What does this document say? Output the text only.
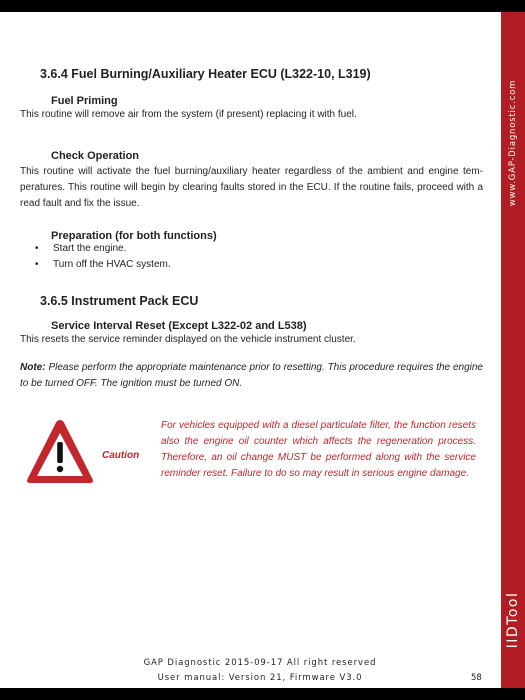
www.GAP-Diagnostic.com
IIDTool
3.6.4 Fuel Burning/Auxiliary Heater ECU (L322-10, L319)
Fuel Priming
This routine will remove air from the system (if present) replacing it with fuel.
Check Operation
This routine will activate the fuel burning/auxiliary heater regardless of the ambient and engine tem- peratures. This routine will begin by clearing faults stored in the ECU. If the routine fails, proceed with a read fault and fix the issue.
Preparation (for both functions)
• Start the engine.
• Turn off the HVAC system.
3.6.5 Instrument Pack ECU
Service Interval Reset (Except L322-02 and L538)
This resets the service reminder displayed on the vehicle instrument cluster.
Note: Please perform the appropriate maintenance prior to resetting. This procedure requires the engine to be turned OFF. The ignition must be turned ON.
Caution
For vehicles equipped with a diesel particulate filter, the function resets also the engine oil counter which affects the regeneration process. Therefore, an oil change MUST be performed along with the service reminder reset. Failure to do so may result in serious engine damage.
GAP Diagnostic 2015-09-17 All right reserved
User manual: Version 21, Firmware V3.0	58
